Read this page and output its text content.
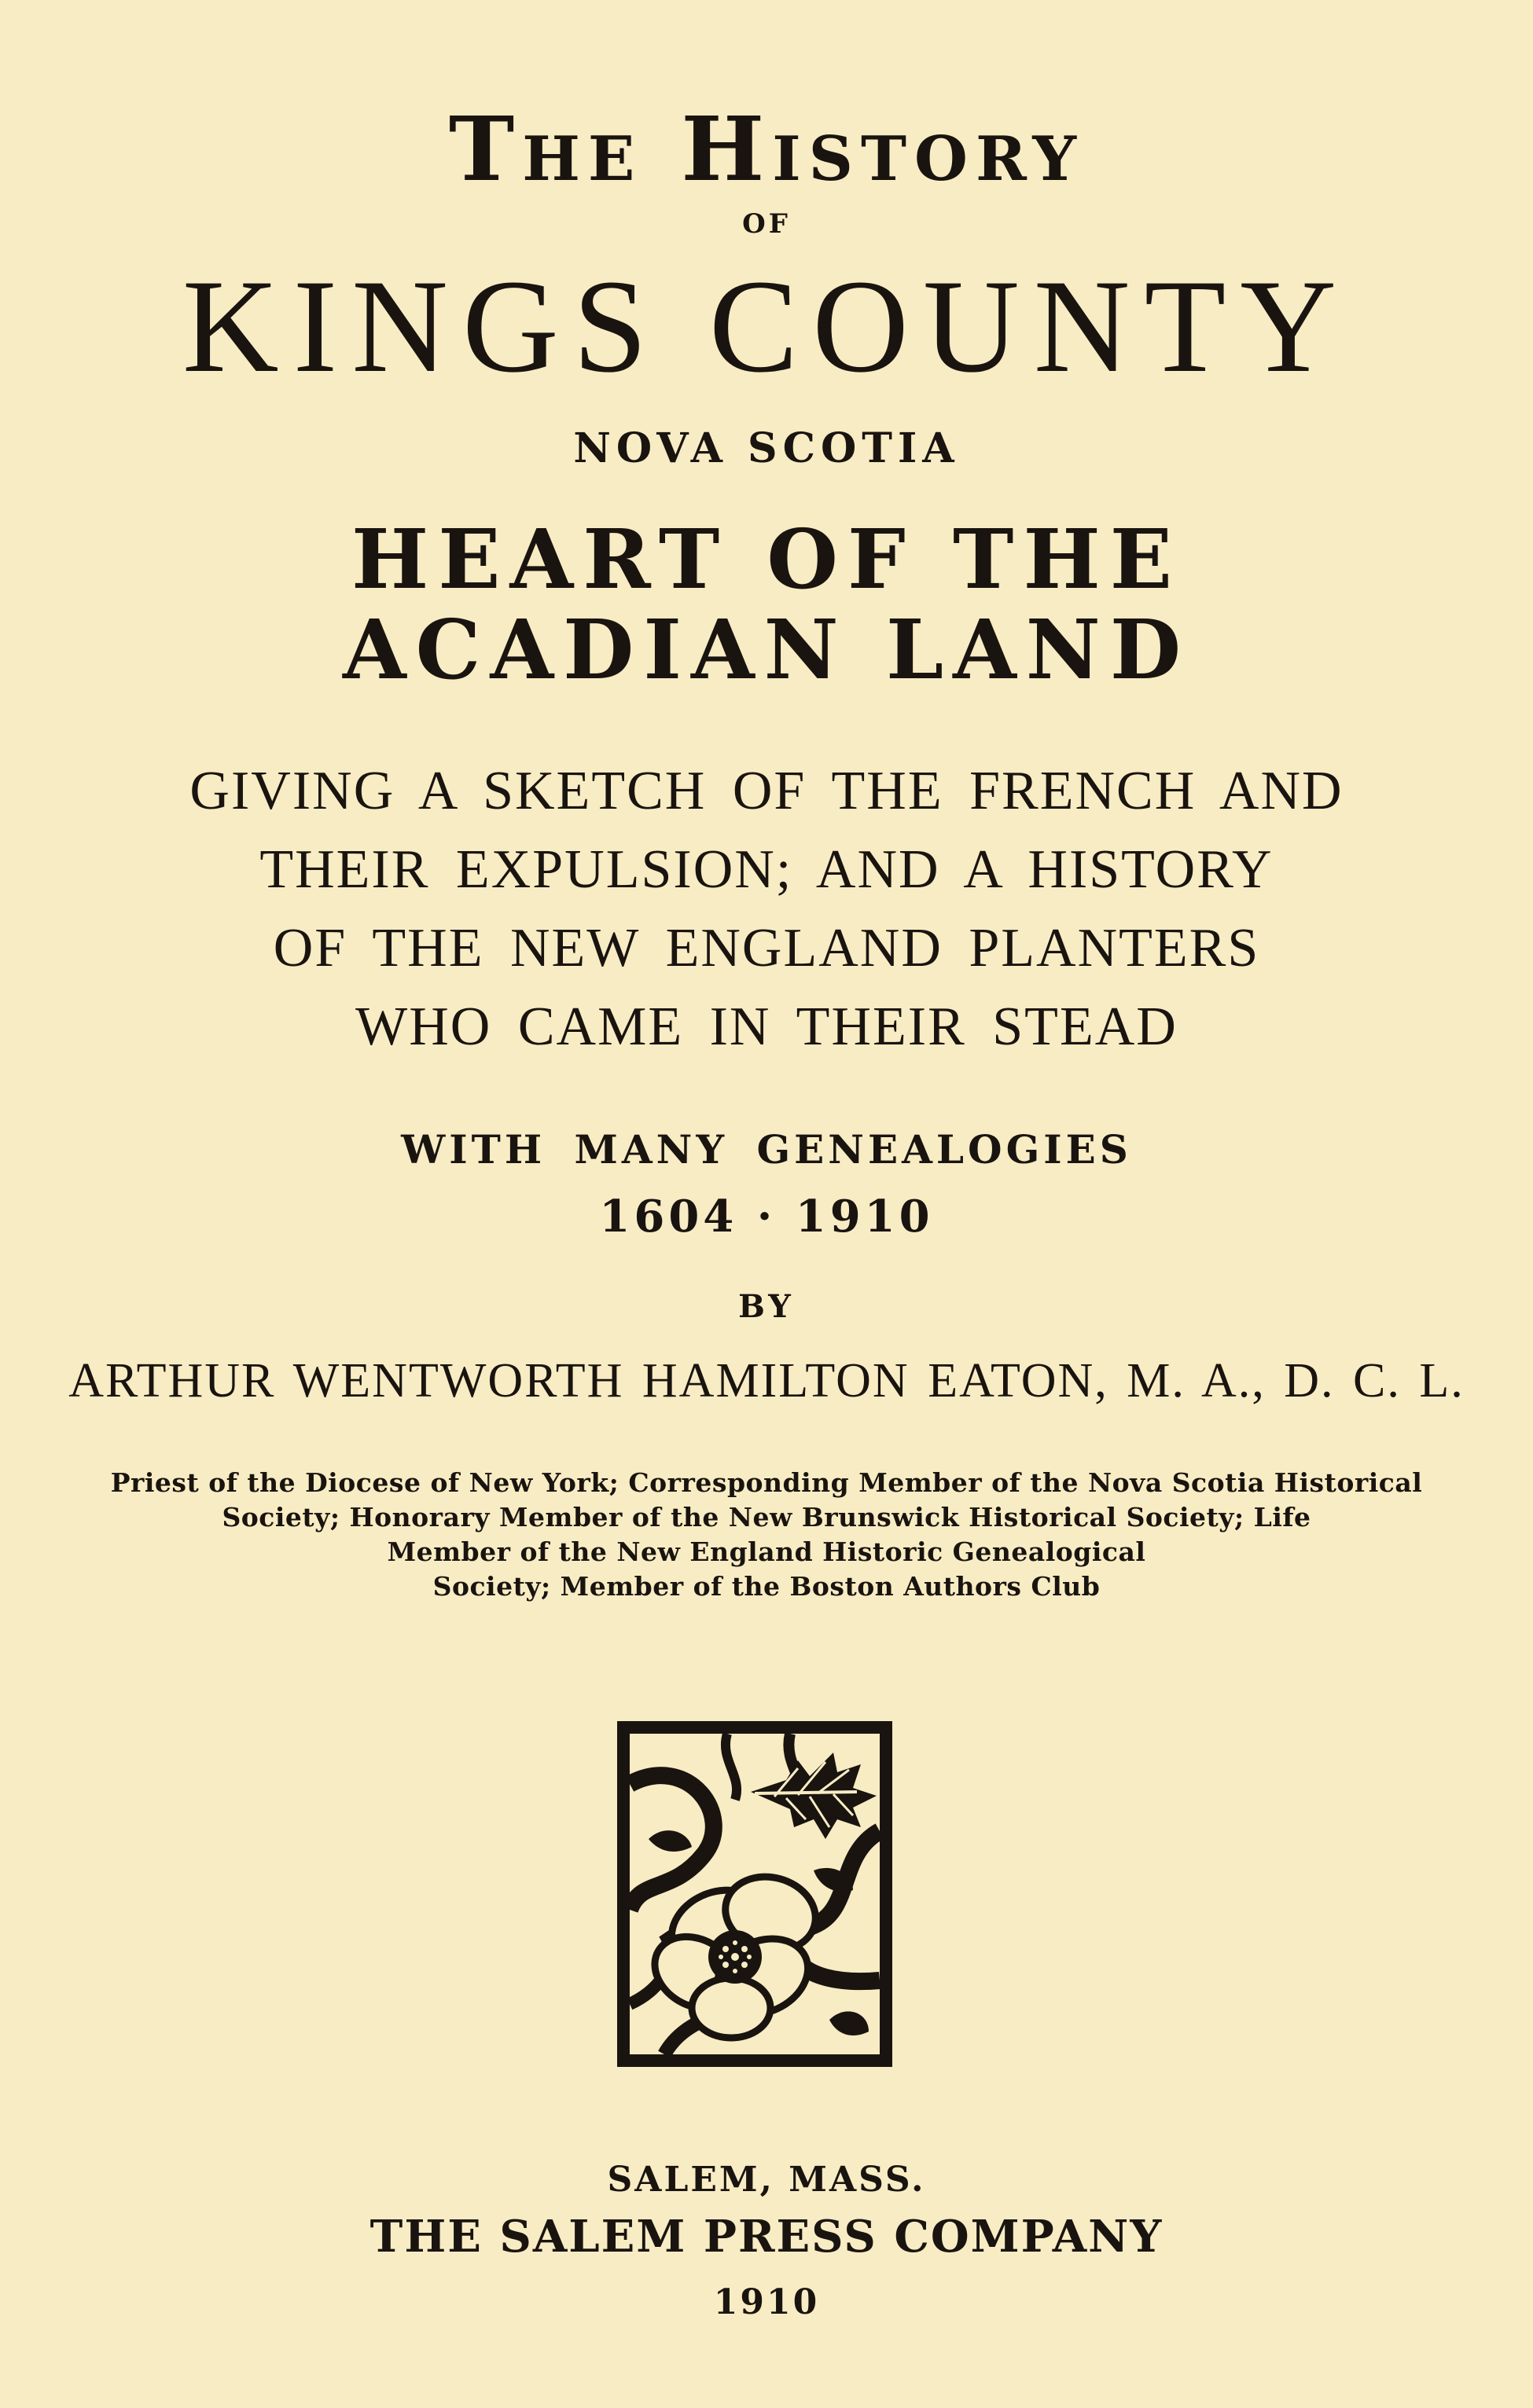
The History
OF
KINGS COUNTY
NOVA SCOTIA
HEART OF THE
ACADIAN LAND
GIVING A SKETCH OF THE FRENCH AND
THEIR EXPULSION; AND A HISTORY
OF THE NEW ENGLAND PLANTERS
WHO CAME IN THEIR STEAD
WITH MANY GENEALOGIES
1604 · 1910
BY
ARTHUR WENTWORTH HAMILTON EATON, M. A., D. C. L.
Priest of the Diocese of New York; Corresponding Member of the Nova Scotia Historical
Society; Honorary Member of the New Brunswick Historical Society; Life
Member of the New England Historic Genealogical
Society; Member of the Boston Authors Club
SALEM, MASS.
THE SALEM PRESS COMPANY
1910
